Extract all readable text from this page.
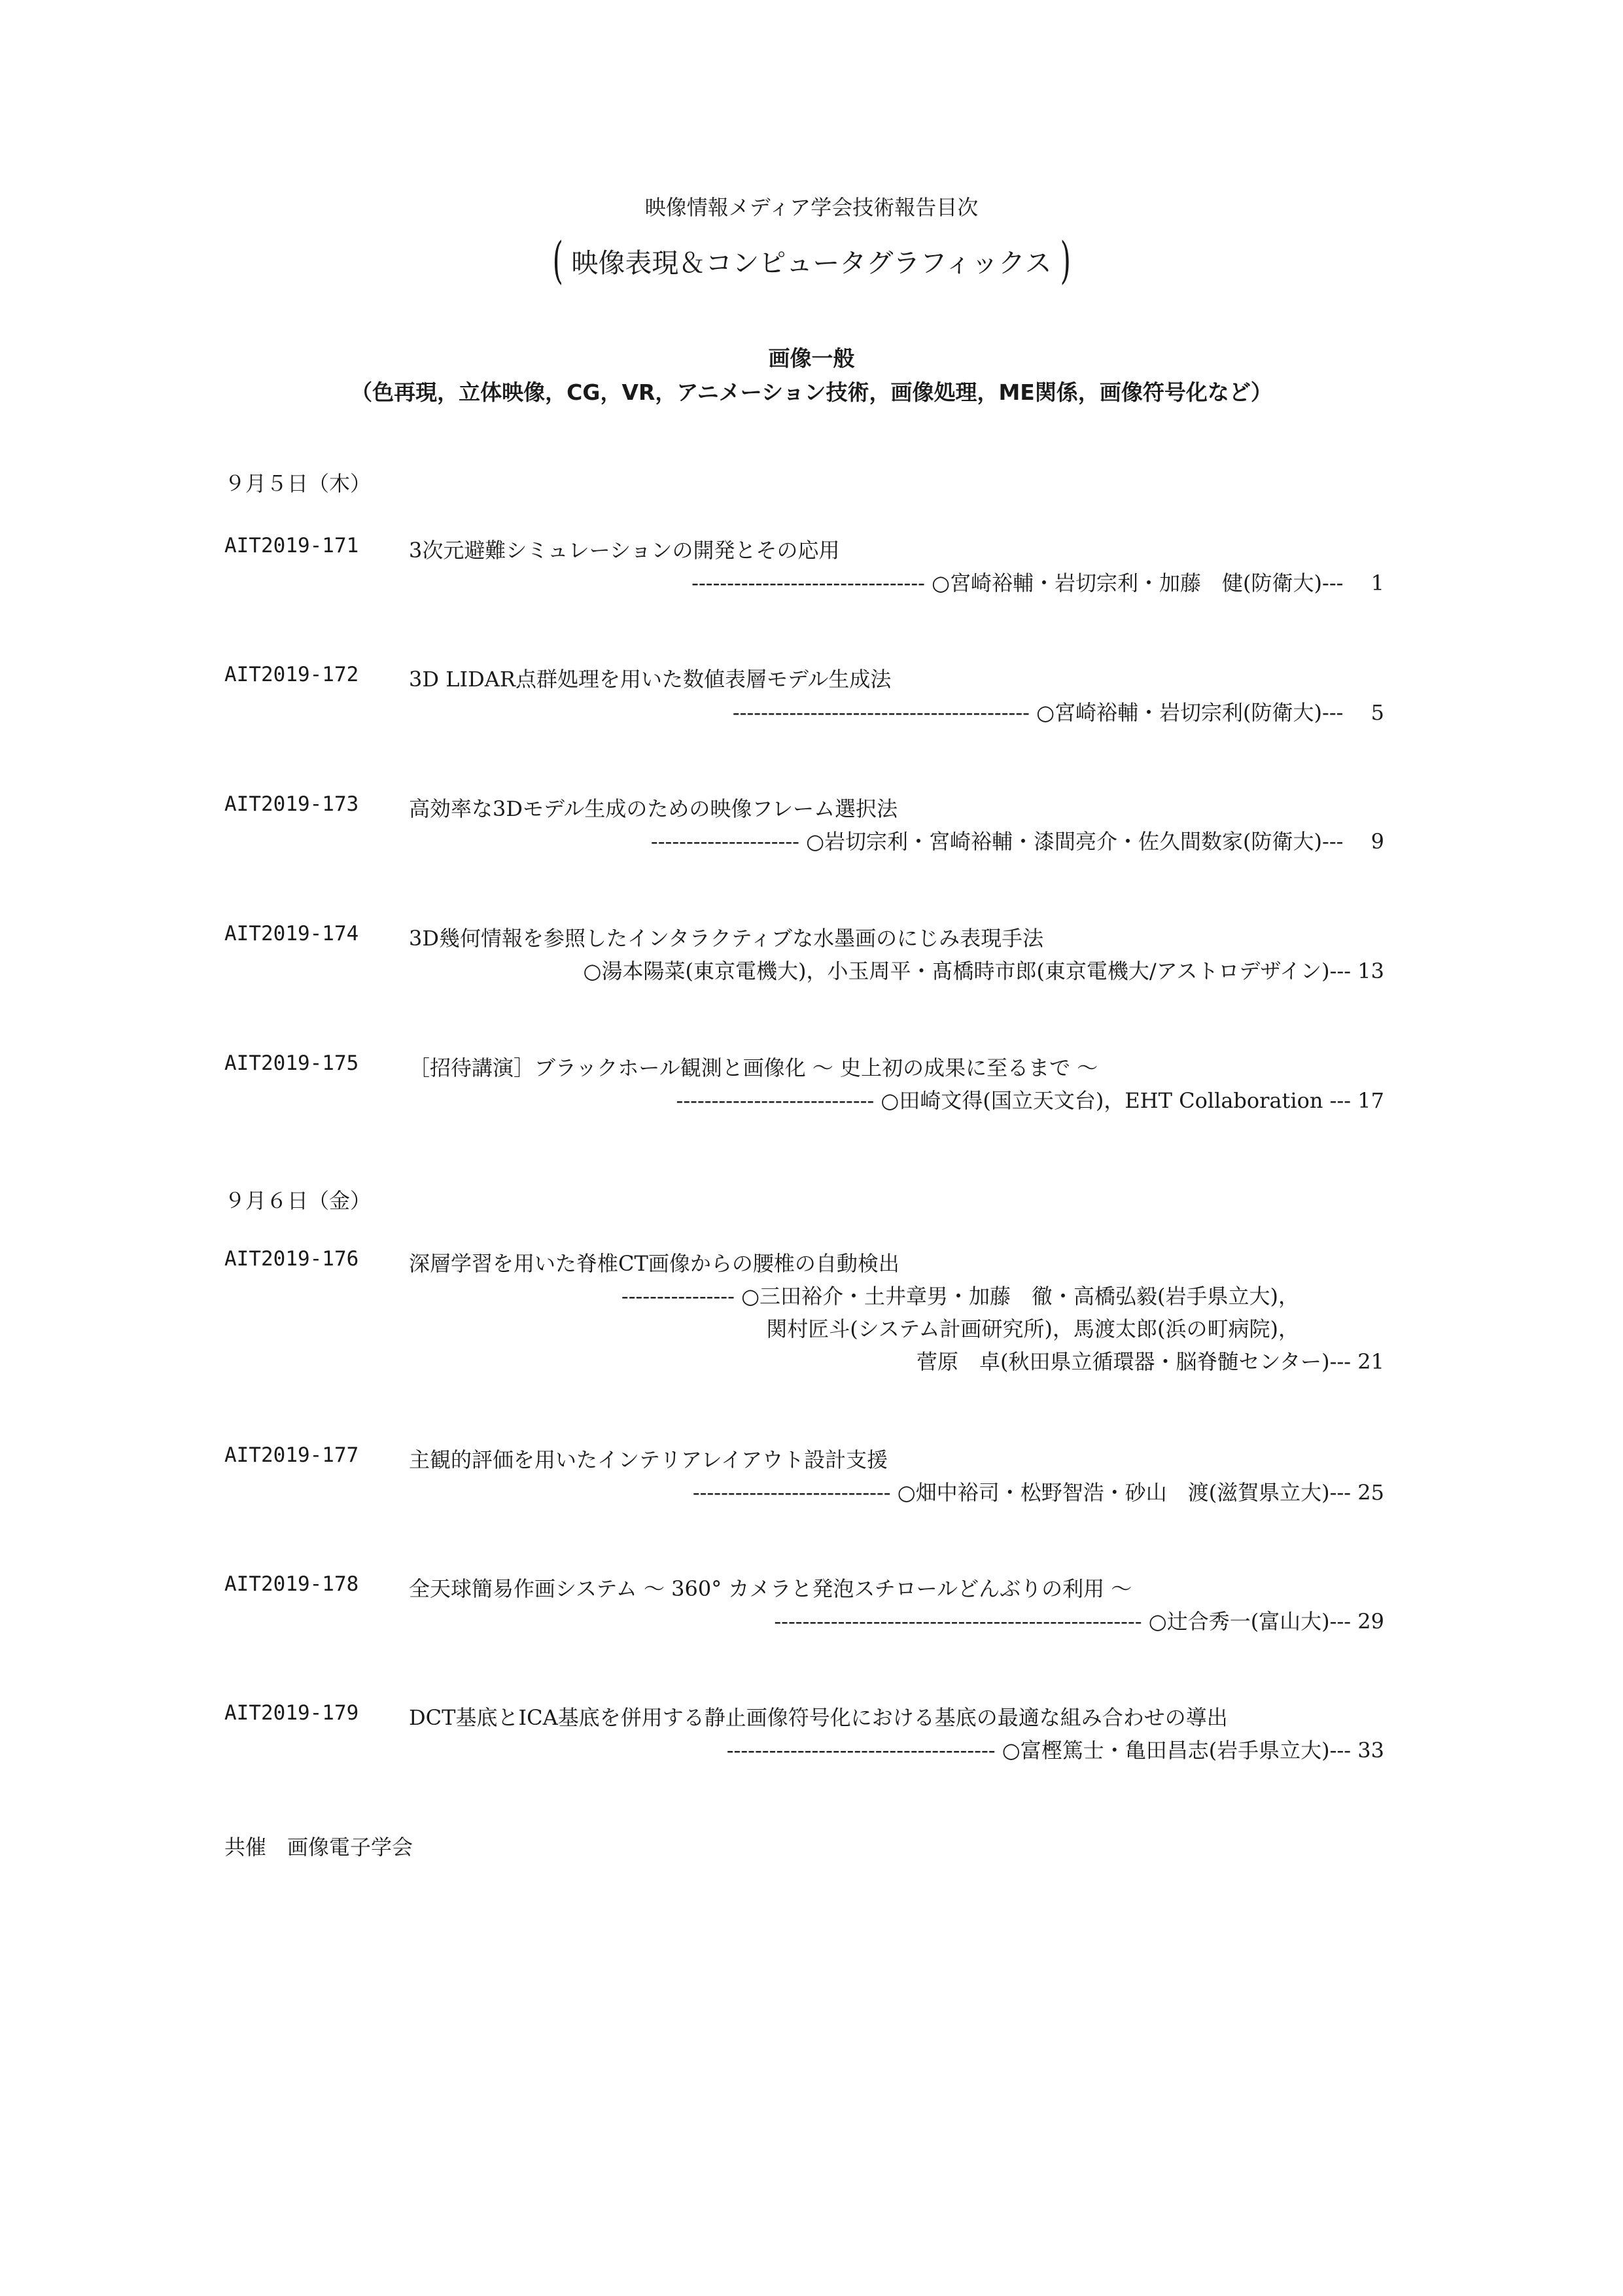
映像情報メディア学会技術報告目次
( 映像表現＆コンピュータグラフィックス )
画像一般
（色再現，立体映像，CG，VR，アニメーション技術，画像処理，ME関係，画像符号化など）
９月５日（木）
AIT2019-171 3次元避難シミュレーションの開発とその応用
--------------------------------- ○宮崎裕輔・岩切宗利・加藤　健(防衛大)---　 1
AIT2019-172 3D LIDAR点群処理を用いた数値表層モデル生成法
------------------------------------------ ○宮崎裕輔・岩切宗利(防衛大)---　 5
AIT2019-173 高効率な3Dモデル生成のための映像フレーム選択法
--------------------- ○岩切宗利・宮崎裕輔・漆間亮介・佐久間数家(防衛大)---　 9
AIT2019-174 3D幾何情報を参照したインタラクティブな水墨画のにじみ表現手法
○湯本陽菜(東京電機大)，小玉周平・髙橋時市郎(東京電機大/アストロデザイン)--- 13
AIT2019-175 ［招待講演］ブラックホール観測と画像化 ～ 史上初の成果に至るまで ～
---------------------------- ○田崎文得(国立天文台)，EHT Collaboration --- 17
９月６日（金）
AIT2019-176 深層学習を用いた脊椎CT画像からの腰椎の自動検出
---------------- ○三田裕介・土井章男・加藤　徹・高橋弘毅(岩手県立大)，
関村匠斗(システム計画研究所)，馬渡太郎(浜の町病院)，
菅原　卓(秋田県立循環器・脳脊髄センター)--- 21
AIT2019-177 主観的評価を用いたインテリアレイアウト設計支援
---------------------------- ○畑中裕司・松野智浩・砂山　渡(滋賀県立大)--- 25
AIT2019-178 全天球簡易作画システム ～ 360° カメラと発泡スチロールどんぶりの利用 ～
---------------------------------------------------- ○辻合秀一(富山大)--- 29
AIT2019-179 DCT基底とICA基底を併用する静止画像符号化における基底の最適な組み合わせの導出
-------------------------------------- ○富樫篤士・亀田昌志(岩手県立大)--- 33
共催　画像電子学会
